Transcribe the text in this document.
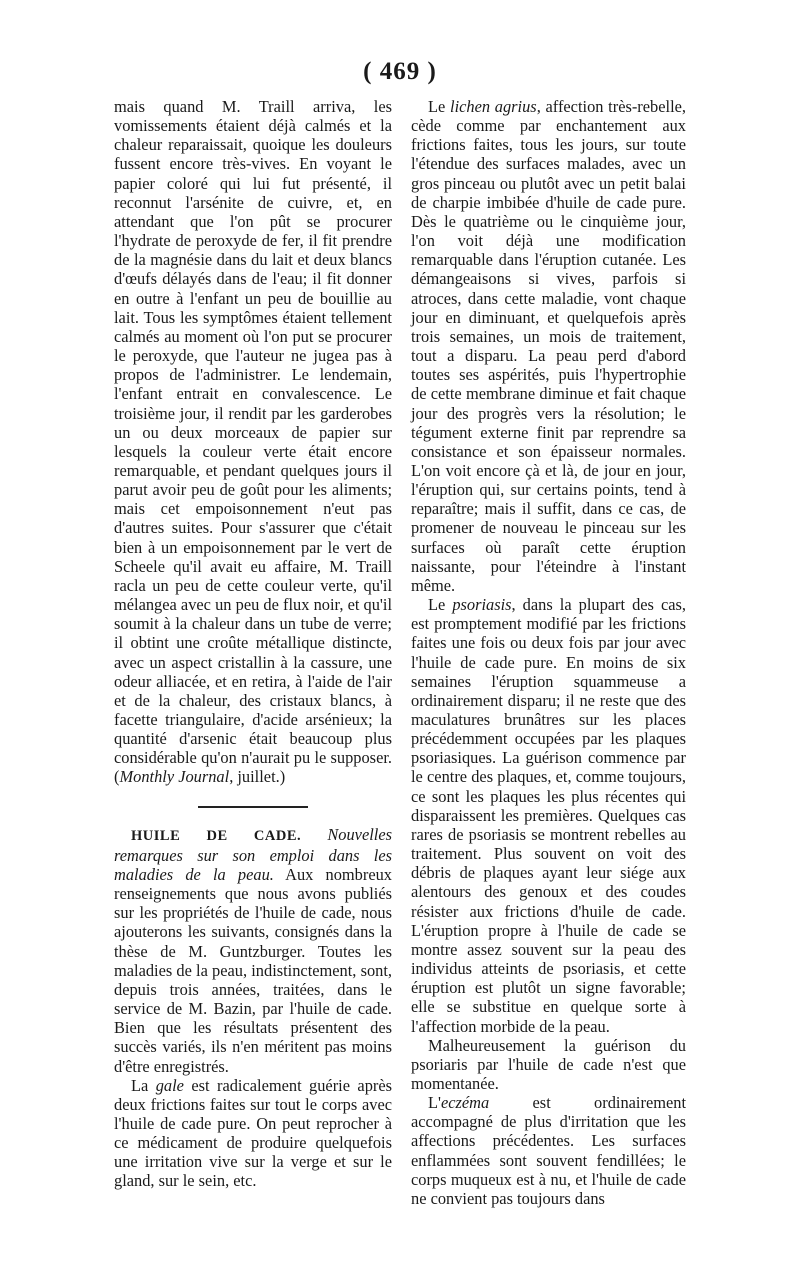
( 469 )

mais quand M. Traill arriva, les vomissements étaient déjà calmés et la chaleur reparaissait, quoique les douleurs fussent encore très-vives. En voyant le papier coloré qui lui fut présenté, il reconnut l'arsénite de cuivre, et, en attendant que l'on pût se procurer l'hydrate de peroxyde de fer, il fit prendre de la magnésie dans du lait et deux blancs d'œufs délayés dans de l'eau; il fit donner en outre à l'enfant un peu de bouillie au lait. Tous les symptômes étaient tellement calmés au moment où l'on put se procurer le peroxyde, que l'auteur ne jugea pas à propos de l'administrer. Le lendemain, l'enfant entrait en convalescence. Le troisième jour, il rendit par les garderobes un ou deux morceaux de papier sur lesquels la couleur verte était encore remarquable, et pendant quelques jours il parut avoir peu de goût pour les aliments; mais cet empoisonnement n'eut pas d'autres suites. Pour s'assurer que c'était bien à un empoisonnement par le vert de Scheele qu'il avait eu affaire, M. Traill racla un peu de cette couleur verte, qu'il mélangea avec un peu de flux noir, et qu'il soumit à la chaleur dans un tube de verre; il obtint une croûte métallique distincte, avec un aspect cristallin à la cassure, une odeur alliacée, et en retira, à l'aide de l'air et de la chaleur, des cristaux blancs, à facette triangulaire, d'acide arsénieux; la quantité d'arsenic était beaucoup plus considérable qu'on n'aurait pu le supposer. (Monthly Journal, juillet.)

HUILE DE CADE. Nouvelles remarques sur son emploi dans les maladies de la peau. Aux nombreux renseignements que nous avons publiés sur les propriétés de l'huile de cade, nous ajouterons les suivants, consignés dans la thèse de M. Guntzburger. Toutes les maladies de la peau, indistinctement, sont, depuis trois années, traitées, dans le service de M. Bazin, par l'huile de cade. Bien que les résultats présentent des succès variés, ils n'en méritent pas moins d'être enregistrés.

La gale est radicalement guérie après deux frictions faites sur tout le corps avec l'huile de cade pure. On peut reprocher à ce médicament de produire quelquefois une irritation vive sur la verge et sur le gland, sur le sein, etc.

Le lichen agrius, affection très-rebelle, cède comme par enchantement aux frictions faites, tous les jours, sur toute l'étendue des surfaces malades, avec un gros pinceau ou plutôt avec un petit balai de charpie imbibée d'huile de cade pure. Dès le quatrième ou le cinquième jour, l'on voit déjà une modification remarquable dans l'éruption cutanée. Les démangeaisons si vives, parfois si atroces, dans cette maladie, vont chaque jour en diminuant, et quelquefois après trois semaines, un mois de traitement, tout a disparu. La peau perd d'abord toutes ses aspérités, puis l'hypertrophie de cette membrane diminue et fait chaque jour des progrès vers la résolution; le tégument externe finit par reprendre sa consistance et son épaisseur normales. L'on voit encore çà et là, de jour en jour, l'éruption qui, sur certains points, tend à reparaître; mais il suffit, dans ce cas, de promener de nouveau le pinceau sur les surfaces où paraît cette éruption naissante, pour l'éteindre à l'instant même.

Le psoriasis, dans la plupart des cas, est promptement modifié par les frictions faites une fois ou deux fois par jour avec l'huile de cade pure. En moins de six semaines l'éruption squammeuse a ordinairement disparu; il ne reste que des maculatures brunâtres sur les places précédemment occupées par les plaques psoriasiques. La guérison commence par le centre des plaques, et, comme toujours, ce sont les plaques les plus récentes qui disparaissent les premières. Quelques cas rares de psoriasis se montrent rebelles au traitement. Plus souvent on voit des débris de plaques ayant leur siége aux alentours des genoux et des coudes résister aux frictions d'huile de cade. L'éruption propre à l'huile de cade se montre assez souvent sur la peau des individus atteints de psoriasis, et cette éruption est plutôt un signe favorable; elle se substitue en quelque sorte à l'affection morbide de la peau.

Malheureusement la guérison du psoriaris par l'huile de cade n'est que momentanée.

L'eczéma est ordinairement accompagné de plus d'irritation que les affections précédentes. Les surfaces enflammées sont souvent fendillées; le corps muqueux est à nu, et l'huile de cade ne convient pas toujours dans
